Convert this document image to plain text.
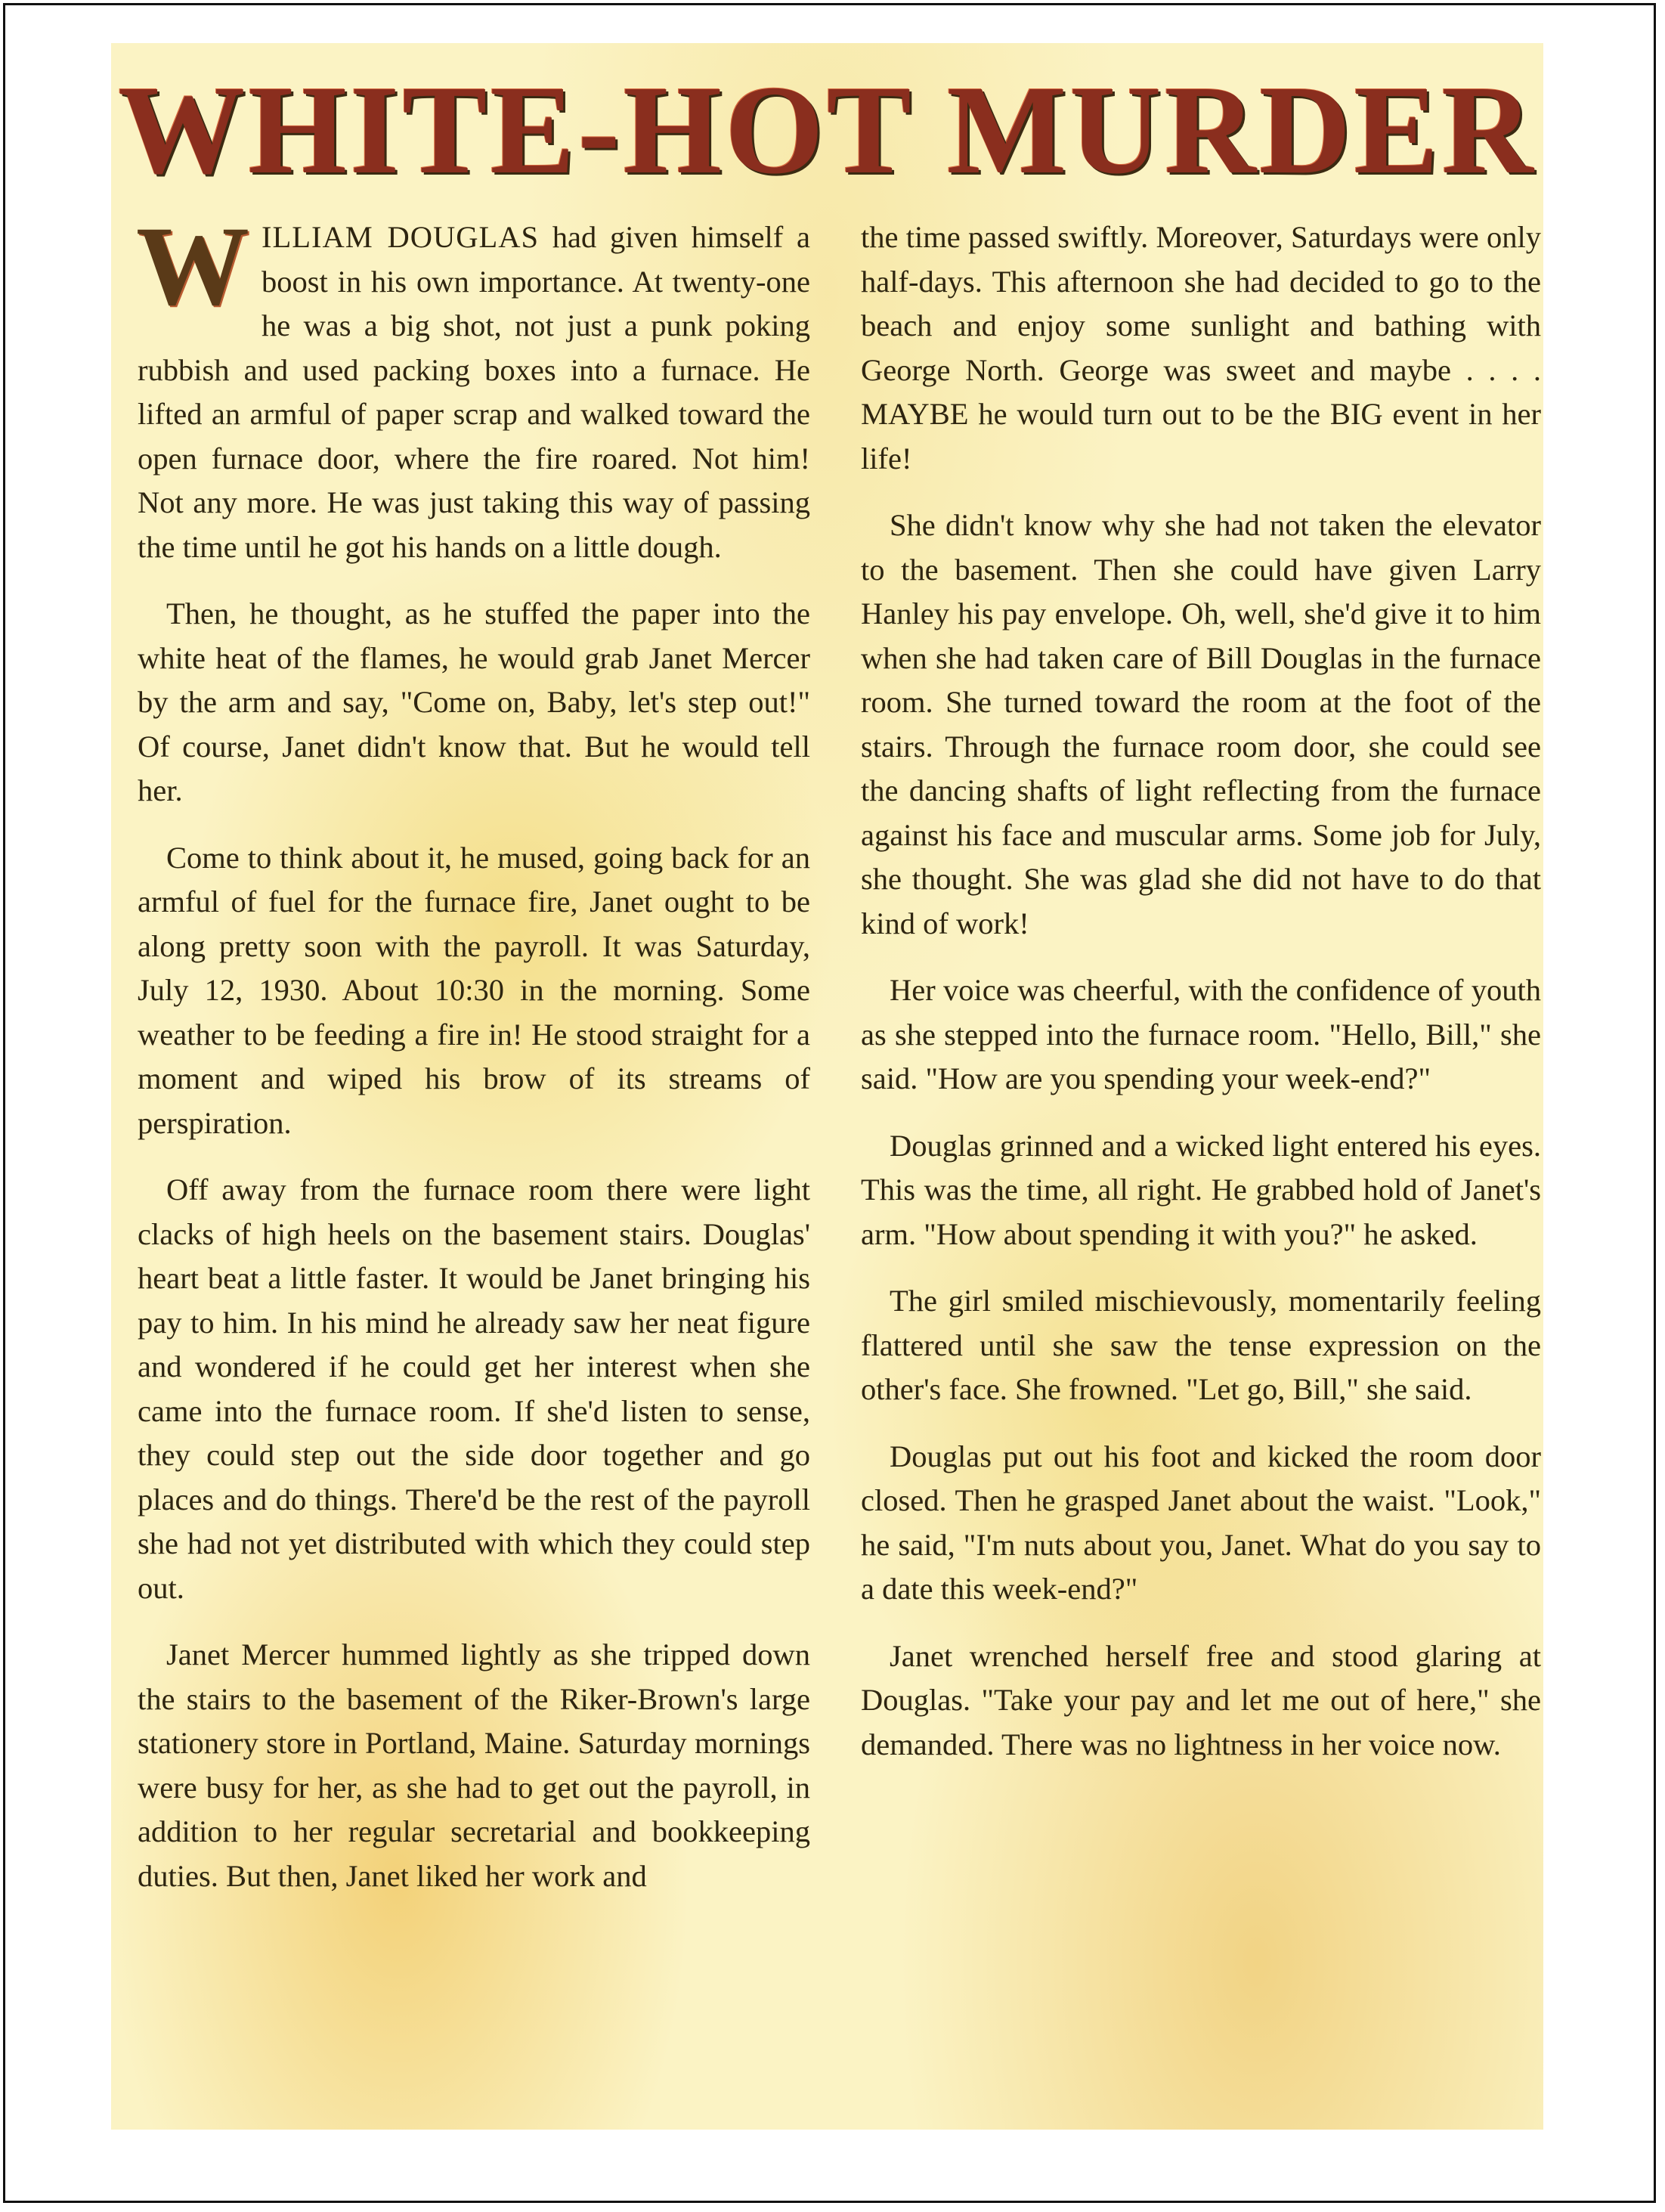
WHITE-HOT MURDER

WILLIAM DOUGLAS had given himself a boost in his own importance. At twenty-one he was a big shot, not just a punk poking rubbish and used packing boxes into a furnace. He lifted an armful of paper scrap and walked toward the open furnace door, where the fire roared. Not him! Not any more. He was just taking this way of passing the time until he got his hands on a little dough.

Then, he thought, as he stuffed the paper into the white heat of the flames, he would grab Janet Mercer by the arm and say, "Come on, Baby, let's step out!" Of course, Janet didn't know that. But he would tell her.

Come to think about it, he mused, going back for an armful of fuel for the furnace fire, Janet ought to be along pretty soon with the payroll. It was Saturday, July 12, 1930. About 10:30 in the morning. Some weather to be feeding a fire in! He stood straight for a moment and wiped his brow of its streams of perspiration.

Off away from the furnace room there were light clacks of high heels on the basement stairs. Douglas' heart beat a little faster. It would be Janet bringing his pay to him. In his mind he already saw her neat figure and wondered if he could get her interest when she came into the furnace room. If she'd listen to sense, they could step out the side door together and go places and do things. There'd be the rest of the payroll she had not yet distributed with which they could step out.

Janet Mercer hummed lightly as she tripped down the stairs to the basement of the Riker-Brown's large stationery store in Portland, Maine. Saturday mornings were busy for her, as she had to get out the payroll, in addition to her regular secretarial and bookkeeping duties. But then, Janet liked her work and

the time passed swiftly. Moreover, Saturdays were only half-days. This afternoon she had decided to go to the beach and enjoy some sunlight and bathing with George North. George was sweet and maybe . . . . MAYBE he would turn out to be the BIG event in her life!

She didn't know why she had not taken the elevator to the basement. Then she could have given Larry Hanley his pay envelope. Oh, well, she'd give it to him when she had taken care of Bill Douglas in the furnace room. She turned toward the room at the foot of the stairs. Through the furnace room door, she could see the dancing shafts of light reflecting from the furnace against his face and muscular arms. Some job for July, she thought. She was glad she did not have to do that kind of work!

Her voice was cheerful, with the confidence of youth as she stepped into the furnace room. "Hello, Bill," she said. "How are you spending your week-end?"

Douglas grinned and a wicked light entered his eyes. This was the time, all right. He grabbed hold of Janet's arm. "How about spending it with you?" he asked.

The girl smiled mischievously, momentarily feeling flattered until she saw the tense expression on the other's face. She frowned. "Let go, Bill," she said.

Douglas put out his foot and kicked the room door closed. Then he grasped Janet about the waist. "Look," he said, "I'm nuts about you, Janet. What do you say to a date this week-end?"

Janet wrenched herself free and stood glaring at Douglas. "Take your pay and let me out of here," she demanded. There was no lightness in her voice now.
